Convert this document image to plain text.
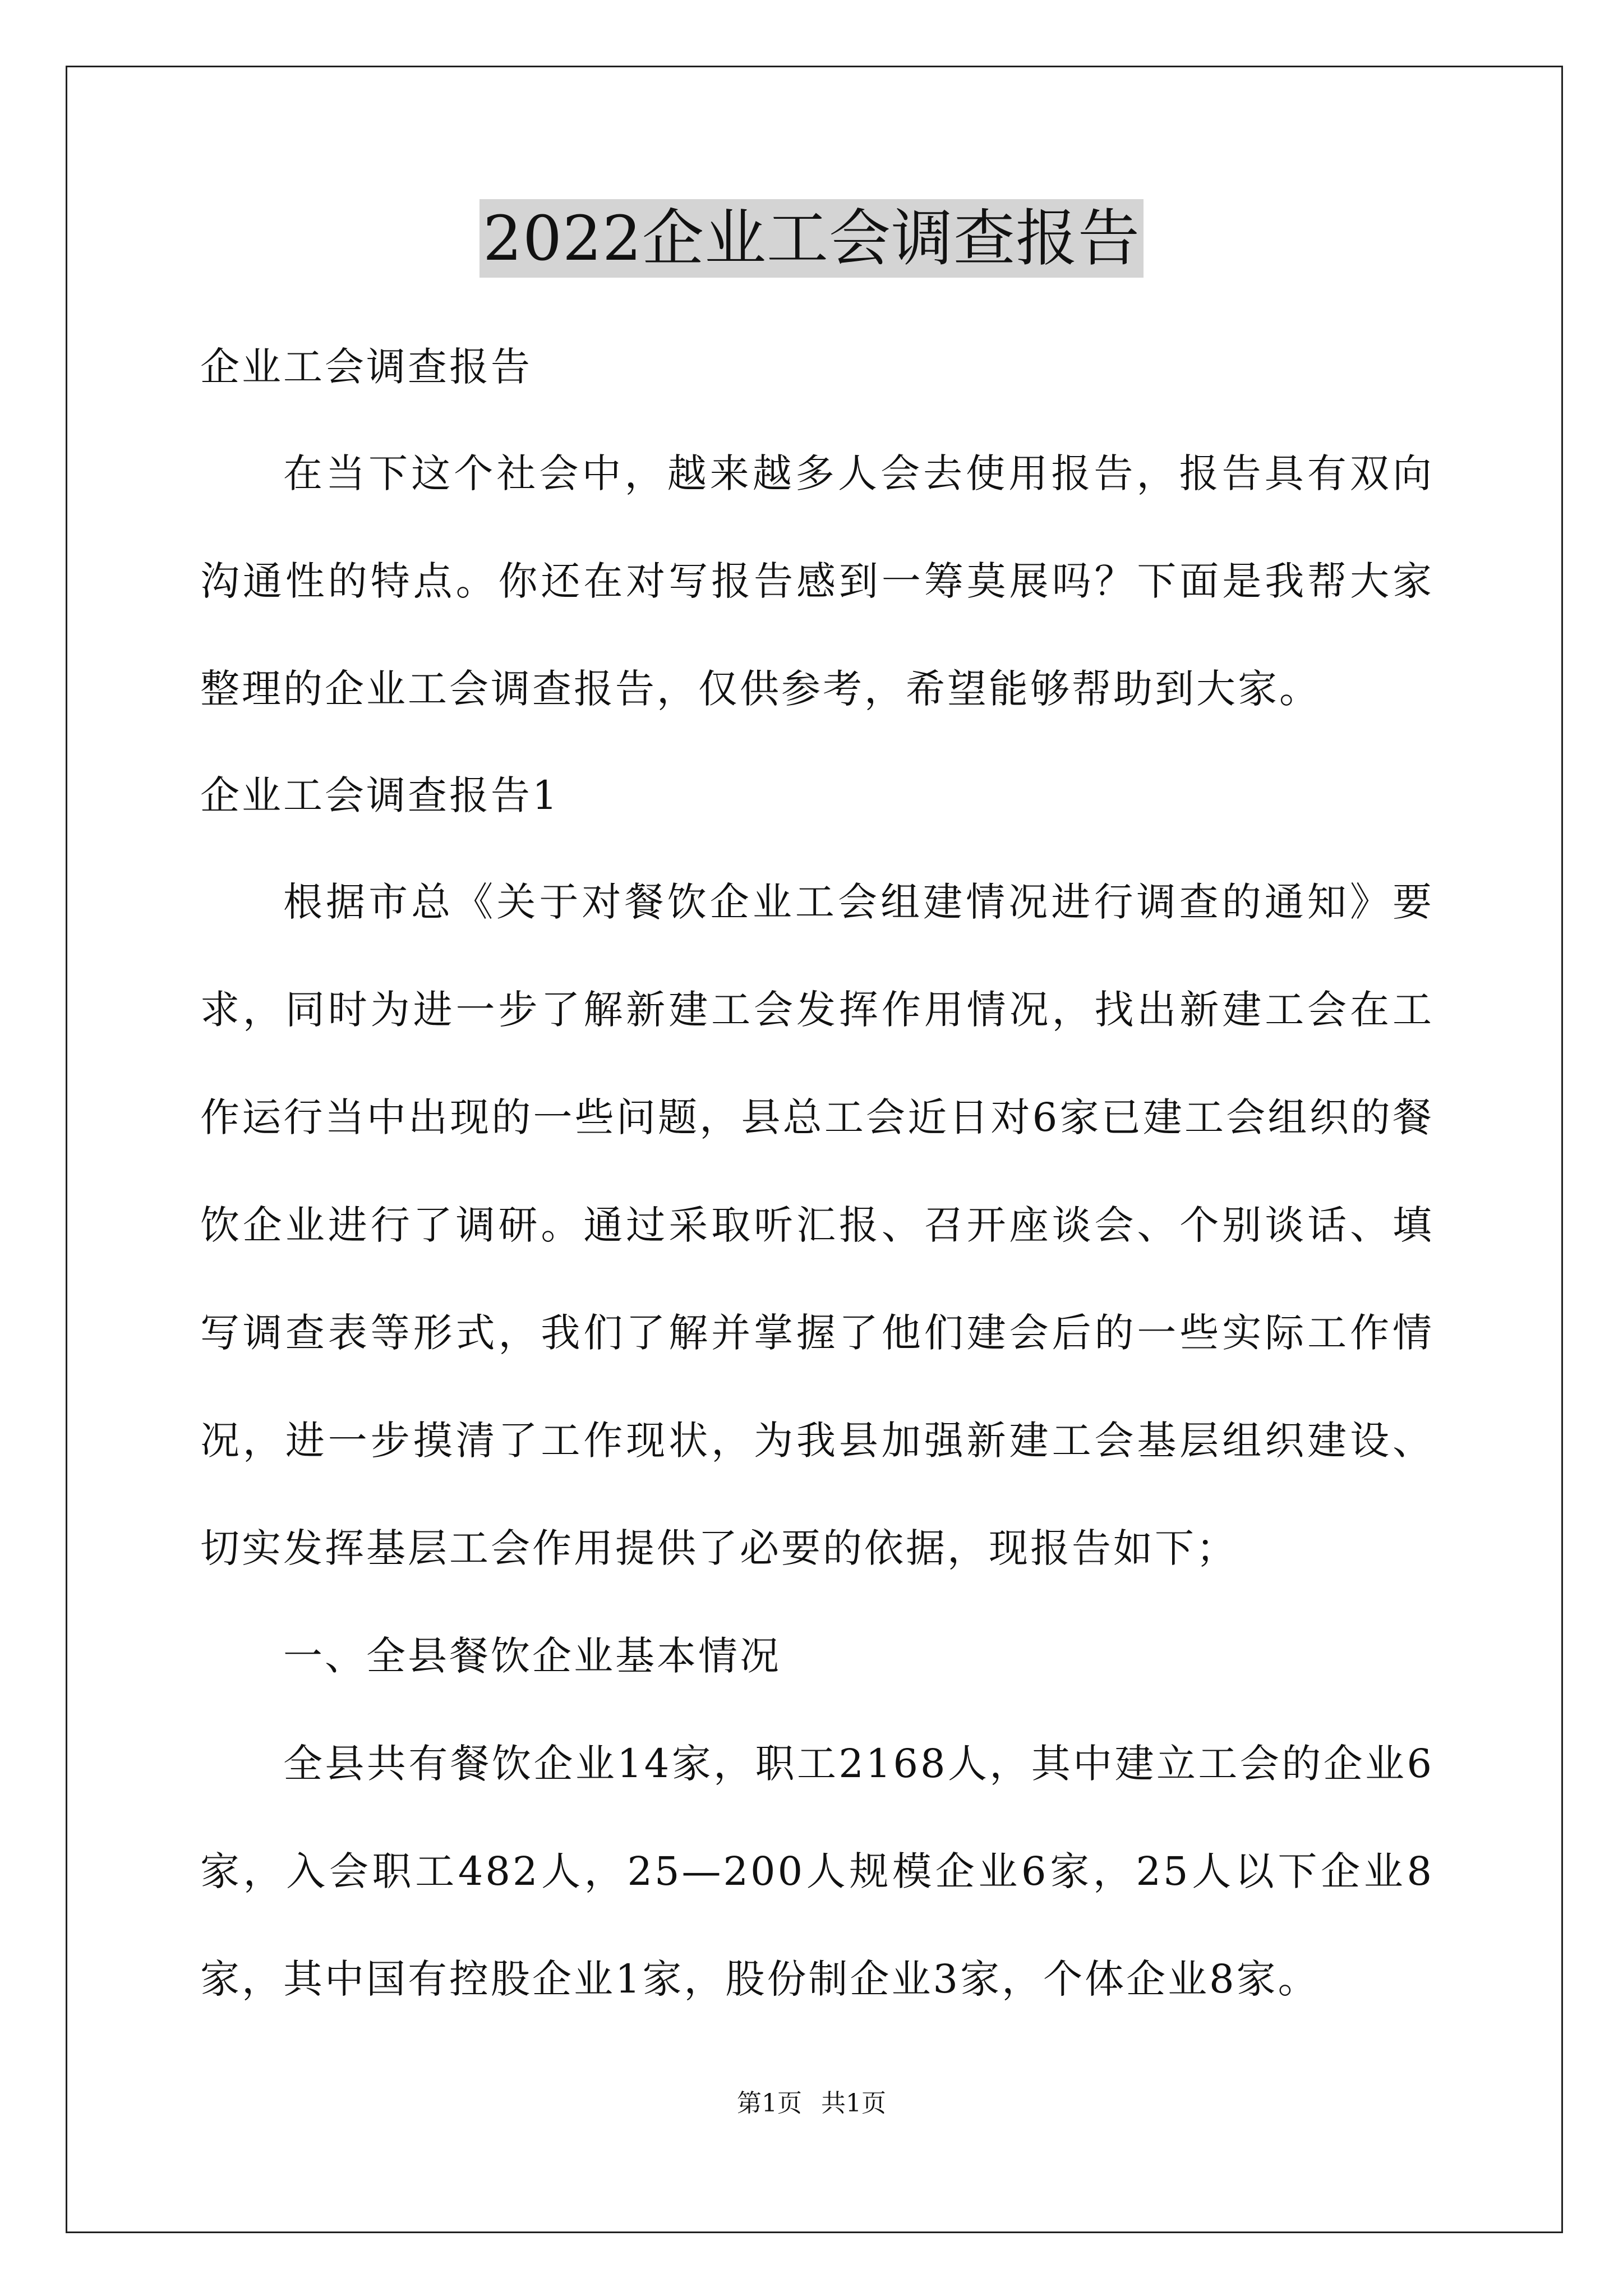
2022企业工会调查报告
企业工会调查报告
在当下这个社会中，越来越多人会去使用报告，报告具有双向沟通性的特点。你还在对写报告感到一筹莫展吗？下面是我帮大家整理的企业工会调查报告，仅供参考，希望能够帮助到大家。
企业工会调查报告1
根据市总《关于对餐饮企业工会组建情况进行调查的通知》要求，同时为进一步了解新建工会发挥作用情况，找出新建工会在工作运行当中出现的一些问题，县总工会近日对6家已建工会组织的餐饮企业进行了调研。通过采取听汇报、召开座谈会、个别谈话、填写调查表等形式，我们了解并掌握了他们建会后的一些实际工作情况，进一步摸清了工作现状，为我县加强新建工会基层组织建设、切实发挥基层工会作用提供了必要的依据，现报告如下；
一、全县餐饮企业基本情况
全县共有餐饮企业14家，职工2168人，其中建立工会的企业6家，入会职工482人，25—200人规模企业6家，25人以下企业8家，其中国有控股企业1家，股份制企业3家，个体企业8家。
第1页 共1页
